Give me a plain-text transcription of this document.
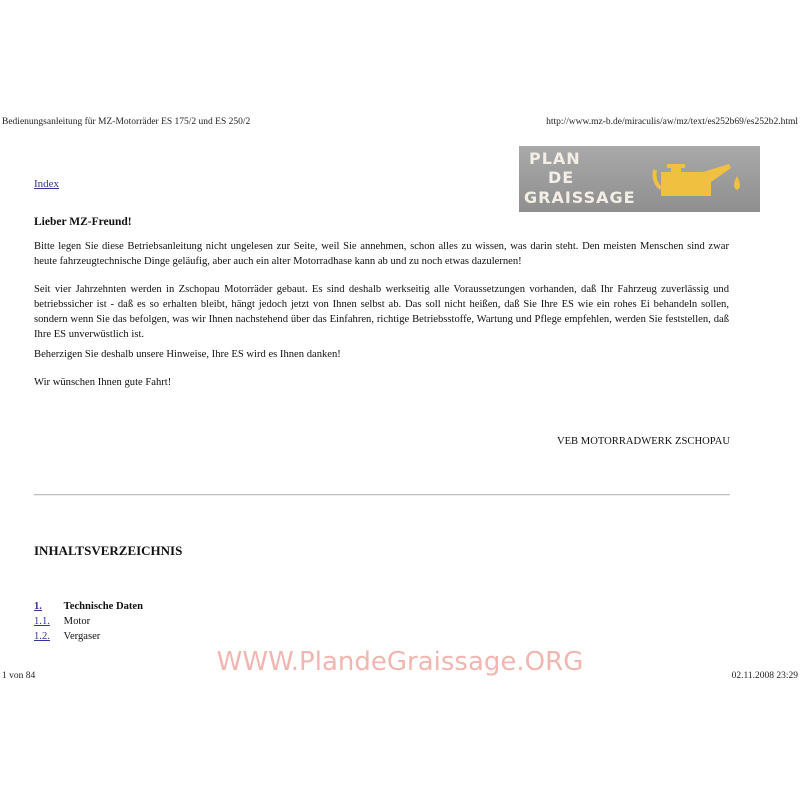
Bedienungsanleitung für MZ-Motorräder ES 175/2 und ES 250/2	http://www.mz-b.de/miraculis/aw/mz/text/es252b69/es252b2.html
PLAN
DE
GRAISSAGE
Index
Lieber MZ-Freund!
Bitte legen Sie diese Betriebsanleitung nicht ungelesen zur Seite, weil Sie annehmen, schon alles zu wissen, was darin steht. Den meisten Menschen sind zwar heute fahrzeugtechnische Dinge geläufig, aber auch ein alter Motorradhase kann ab und zu noch etwas dazulernen!
Seit vier Jahrzehnten werden in Zschopau Motorräder gebaut. Es sind deshalb werkseitig alle Voraussetzungen vorhanden, daß Ihr Fahrzeug zuverlässig und betriebssicher ist - daß es so erhalten bleibt, hängt jedoch jetzt von Ihnen selbst ab. Das soll nicht heißen, daß Sie Ihre ES wie ein rohes Ei behandeln sollen, sondern wenn Sie das befolgen, was wir Ihnen nachstehend über das Einfahren, richtige Betriebsstoffe, Wartung und Pflege empfehlen, werden Sie feststellen, daß Ihre ES unverwüstlich ist.
Beherzigen Sie deshalb unsere Hinweise, Ihre ES wird es Ihnen danken!
Wir wünschen Ihnen gute Fahrt!
VEB MOTORRADWERK ZSCHOPAU
INHALTSVERZEICHNIS
1. Technische Daten
1.1. Motor
1.2. Vergaser
WWW.PlandeGraissage.ORG
1 von 84	02.11.2008 23:29
